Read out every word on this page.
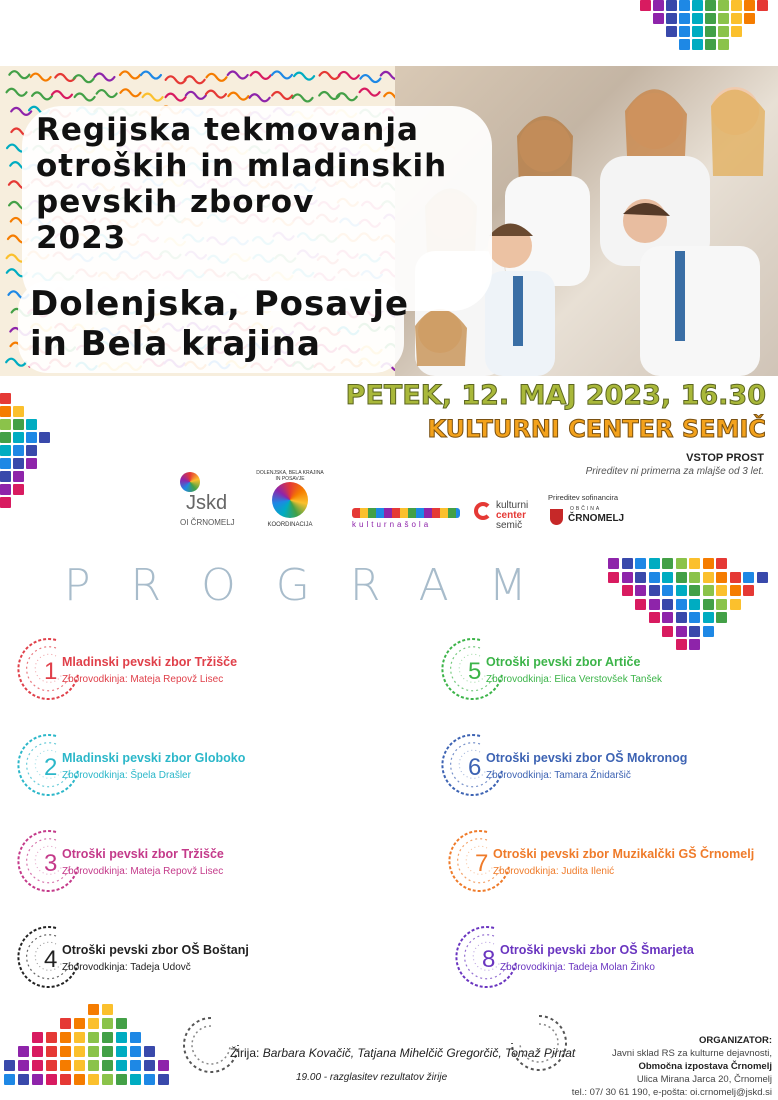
Regijska tekmovanja
otroških in mladinskih
pevskih zborov
2023
Dolenjska, Posavje
in Bela krajina
PETEK, 12. MAJ 2023, 16.30
KULTURNI CENTER SEMIČ
VSTOP PROST
Prireditev ni primerna za mlajše od 3 let.
Jskd
OI ČRNOMELJ
DOLENJSKA, BELA KRAJINA IN POSAVJE
KOORDINACIJA	kulturnašola
kulturni
center
semič
Prireditev sofinancira
OBČINA
ČRNOMELJ
PROGRAM
1 Mladinski pevski zbor Tržišče
Zborovodkinja: Mateja Repovž Lisec
2 Mladinski pevski zbor Globoko
Zborovodkinja: Špela Drašler
3 Otroški pevski zbor Tržišče
Zborovodkinja: Mateja Repovž Lisec
4 Otroški pevski zbor OŠ Boštanj
Zborovodkinja: Tadeja Udovč
5 Otroški pevski zbor Artiče
Zborovodkinja: Elica Verstovšek Tanšek
6 Otroški pevski zbor OŠ Mokronog
Zborovodkinja: Tamara Žnidaršič
7 Otroški pevski zbor Muzikalčki GŠ Črnomelj
Zborovodkinja: Judita Ilenić
8 Otroški pevski zbor OŠ Šmarjeta
Zborovodkinja: Tadeja Molan Žinko
Žirija: Barbara Kovačič, Tatjana Mihelčič Gregorčič, Tomaž Pirnat
19.00 - razglasitev rezultatov žirije
ORGANIZATOR:
Javni sklad RS za kulturne dejavnosti,
Območna izpostava Črnomelj
Ulica Mirana Jarca 20, Črnomelj
tel.: 07/ 30 61 190, e-pošta: oi.crnomelj@jskd.si
